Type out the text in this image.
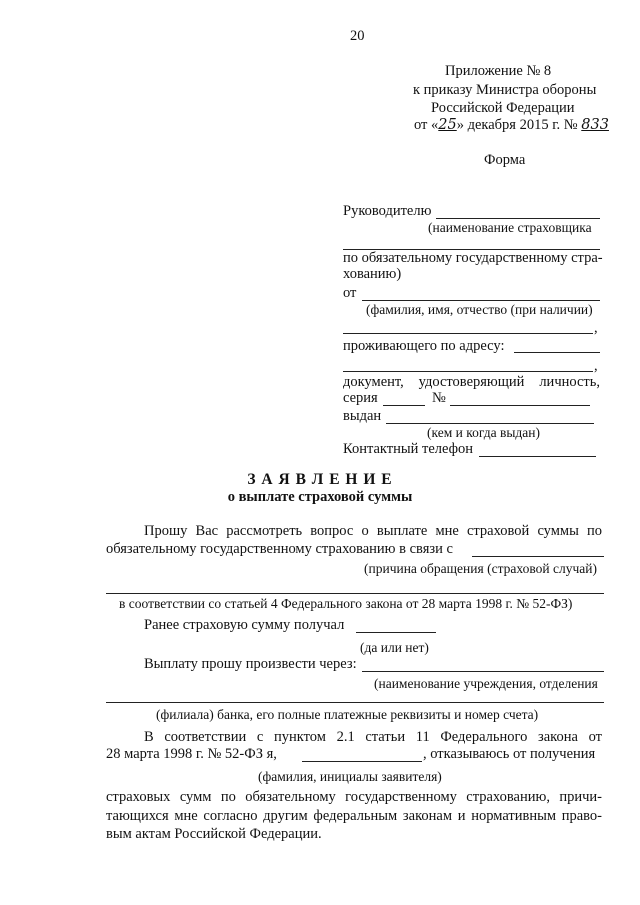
20
Приложение № 8
к приказу Министра обороны
Российской Федерации
от «25» декабря 2015 г. № 833
Форма
Руководителю
(наименование страховщика
по обязательному государственному стра-
хованию)
от
(фамилия, имя, отчество (при наличии)
,
проживающего по адресу:
,
документ, удостоверяющий личность,
серия	№
выдан
(кем и когда выдан)
Контактный телефон
З А Я В Л Е Н И Е
о выплате страховой суммы
Прошу Вас рассмотреть вопрос о выплате мне страховой суммы по
обязательному государственному страхованию в связи с
(причина обращения (страховой случай)
в соответствии со статьей 4 Федерального закона от 28 марта 1998 г. № 52-ФЗ)
Ранее страховую сумму получал
(да или нет)
Выплату прошу произвести через:
(наименование учреждения, отделения
(филиала) банка, его полные платежные реквизиты и номер счета)
В соответствии с пунктом 2.1 статьи 11 Федерального закона от
28 марта 1998 г. № 52-ФЗ я,	, отказываюсь от получения
(фамилия, инициалы заявителя)
страховых сумм по обязательному государственному страхованию, причи-
тающихся мне согласно другим федеральным законам и нормативным право-
вым актам Российской Федерации.
